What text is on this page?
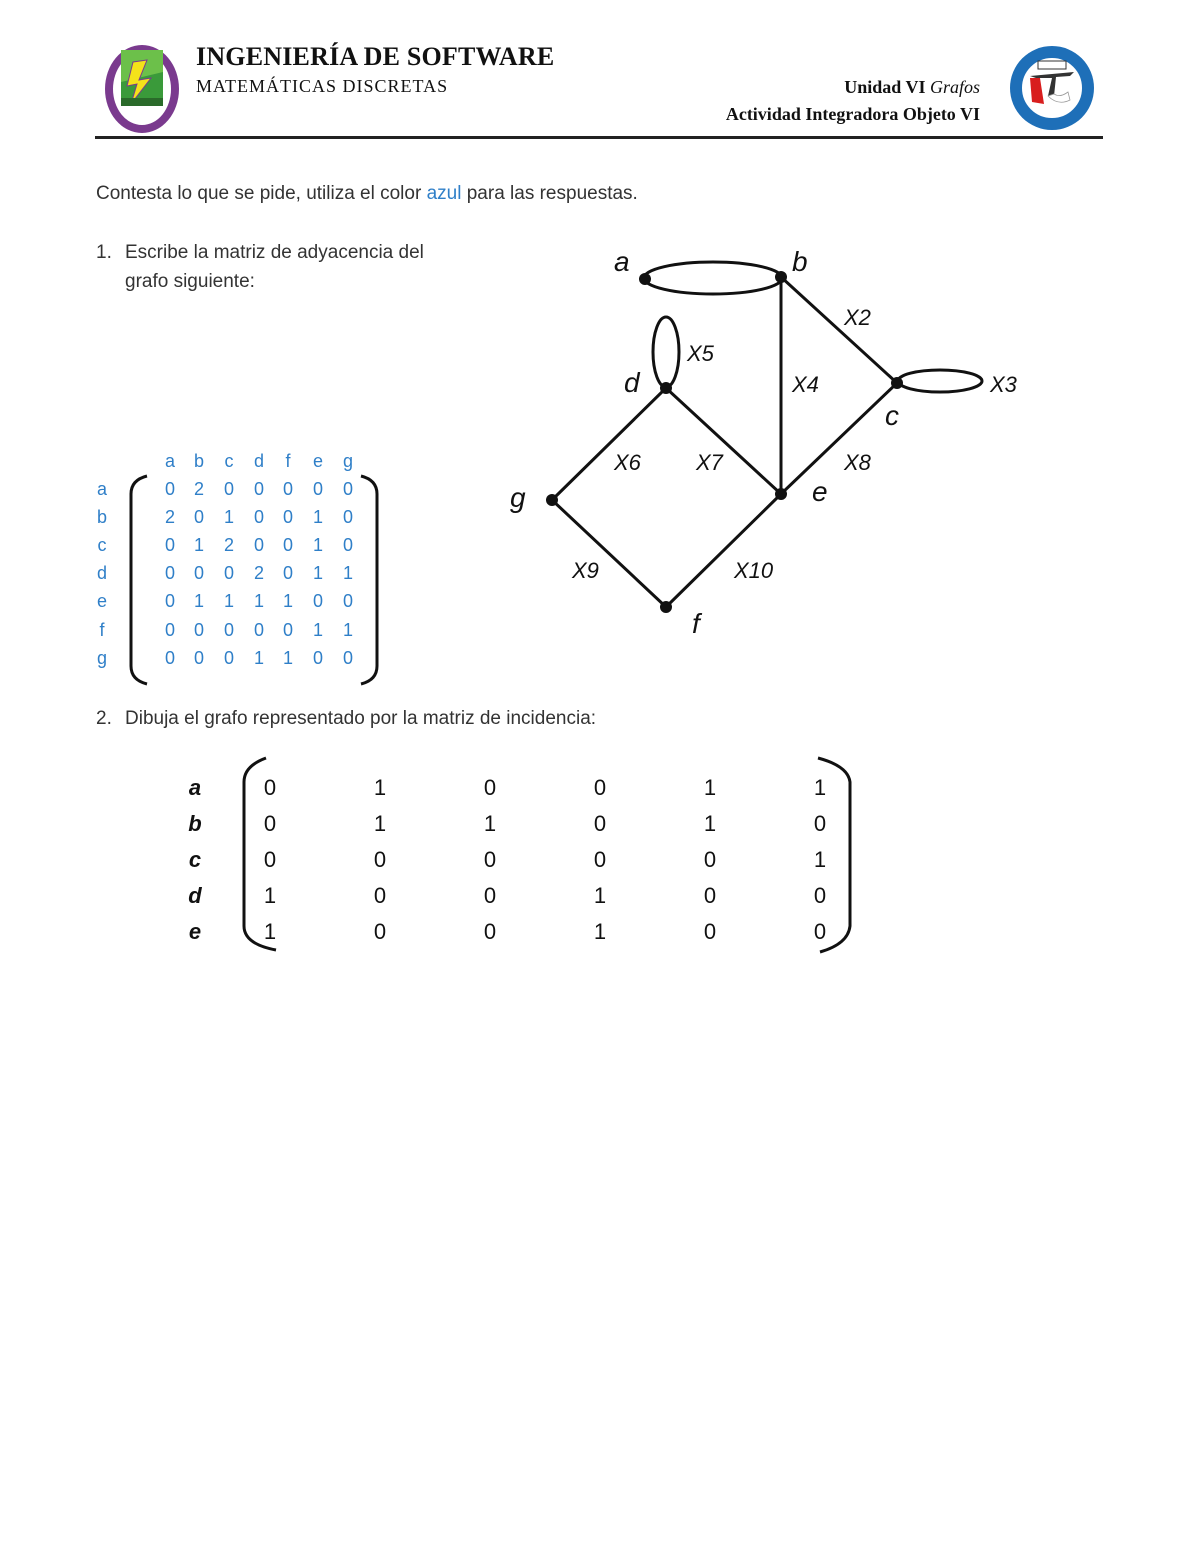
INGENIERÍA DE SOFTWARE
MATEMÁTICAS DISCRETAS	Unidad VI Grafos
Actividad Integradora Objeto VI
Contesta lo que se pide, utiliza el color azul para las respuestas.
1. Escribe la matriz de adyacencia del
grafo siguiente:
a b	c	d	f	e g
a	0 2 0 0 0 0 0
b	2 0 1 0 0 1 0
c	0 1 2 0 0 1 0
d	0 0 0 2 0 1 1
e	0 1 1 1 1 0 0
f	0 0 0 0 0 1 1
g	0 0 0 1 1 0 0
a	b
c
d
e
f
g
X2
X3
X4
X5
X6	X7	X8
X9	X10
2. Dibuja el grafo representado por la matriz de incidencia:
a	0	1	0	0	1	1
b	0	1	1	0	1	0
c	0	0	0	0	0	1
d	1	0	0	1	0	0
e	1	0	0	1	0	0
